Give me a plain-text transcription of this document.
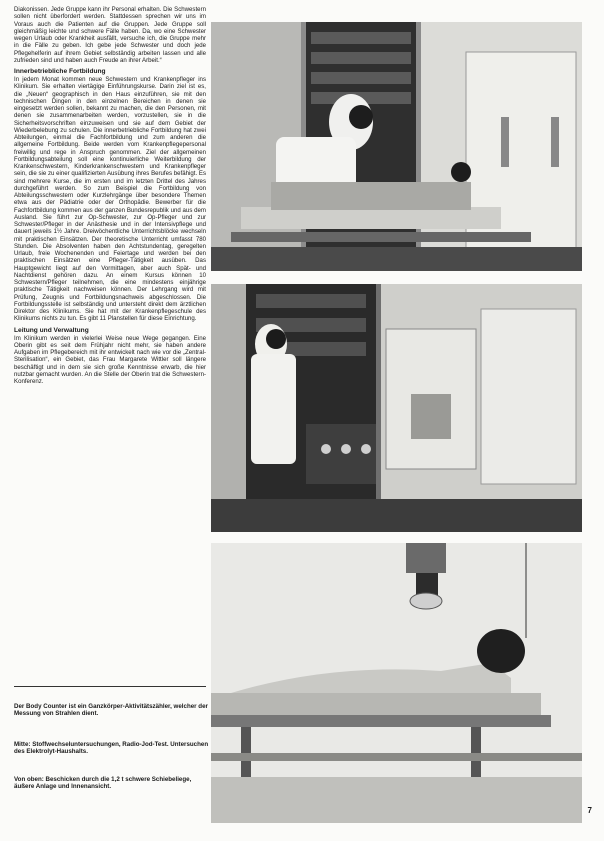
Diakonissen. Jede Gruppe kann ihr Personal erhalten. Die Schwestern sollen nicht überfordert werden. Stattdessen sprechen wir uns im Voraus auch die Patienten auf die Gruppen. Jede Gruppe soll gleichmäßig leichte und schwere Fälle haben. Da, wo eine Schwester wegen Urlaub oder Krankheit ausfällt, versuche ich, die Gruppe mehr in die Fälle zu geben. Ich gebe jede Schwester und doch jede Pflegehelferin auf ihrem Gebiet selbständig arbeiten lassen und alle zufrieden sind und haben auch Freude an ihrer Arbeit.“

Innerbetriebliche Fortbildung

In jedem Monat kommen neue Schwestern und Krankenpfleger ins Klinikum. Sie erhalten viertägige Einführungskurse. Darin ziel ist es, die „Neuen“ geographisch in den Haus einzuführen, sie mit den technischen Dingen in den einzelnen Bereichen in denen sie eingesetzt werden sollen, bekannt zu machen, die den Personen, mit denen sie zusammenarbeiten werden, vorzustellen, sie in die Sicherheitsvorschriften einzuweisen und sie auf dem Gebiet der Wiederbelebung zu schulen. Die innerbetriebliche Fortbildung hat zwei Abteilungen, einmal die Fachfortbildung und zum anderen die allgemeine Fortbildung. Beide werden vom Krankenpflegepersonal freiwillig und rege in Anspruch genommen. Ziel der allgemeinen Fortbildungsabteilung soll eine kontinuierliche Weiterbildung der Krankenschwestern, Kinderkrankenschwestern und Krankenpfleger sein, die sie zu einer qualifizierten Ausübung ihres Berufes befähigt. Es sind mehrere Kurse, die im ersten und im letzten Drittel des Jahres durchgeführt werden. So zum Beispiel die Fortbildung von Abteilungsschwestern oder Kurzlehrgänge über besondere Themen etwa aus der Pädiatrie oder der Orthopädie. Bewerber für die Fachfortbildung kommen aus der ganzen Bundesrepublik und aus dem Ausland. Sie führt zur Op-Schwester, zur Op-Pfleger und zur Schwester/Pfleger in der Anästhesie und in der Intensivpflege und dauert jeweils 1½ Jahre. Dreiwöchentliche Unterrichtsblöcke wechseln mit praktischen Einsätzen. Der theoretische Unterricht umfasst 780 Stunden. Die Absolventen haben den Achtstundentag, geregelten Urlaub, freie Wochenenden und Feiertage und werden bei den praktischen Einsätzen eine Pfleger-Tätigkeit ausüben. Das Hauptgewicht liegt auf den Vormittagen, aber auch Spät- und Nachtdienst gehören dazu. An einem Kursus können 10 Schwestern/Pfleger teilnehmen, die eine mindestens einjährige praktische Tätigkeit nachweisen können. Der Lehrgang wird mit Prüfung, Zeugnis und Fortbildungsnachweis abgeschlossen. Die Fortbildungsstelle ist selbständig und untersteht direkt dem ärztlichen Direktor des Klinikums. Sie hat mit der Krankenpflegeschule des Klinikums nichts zu tun. Es gibt 11 Planstellen für diese Einrichtung.

Leitung und Verwaltung

Im Klinikum werden in vielerlei Weise neue Wege gegangen. Eine Oberin gibt es seit dem Frühjahr nicht mehr, sie haben andere Aufgaben im Pflegebereich mit ihr entwickelt nach wie vor die „Zentral-Sterilisation“, ein Gebiet, das Frau Margarete Wittler soll längere beschäftigt und in dem sie sich große Kenntnisse erwarb, die hier nutzbar gemacht wurden. An die Stelle der Oberin trat die Schwestern-Konferenz.

Der Body Counter ist ein Ganzkörper-Aktivitätszähler, welcher der Messung von Strahlen dient.
Mitte: Stoffwechseluntersuchungen, Radio-Jod-Test. Untersuchen des Elektrolyt-Haushalts.
Von oben: Beschicken durch die 1,2 t schwere Schiebeliege, äußere Anlage und Innenansicht.
7
